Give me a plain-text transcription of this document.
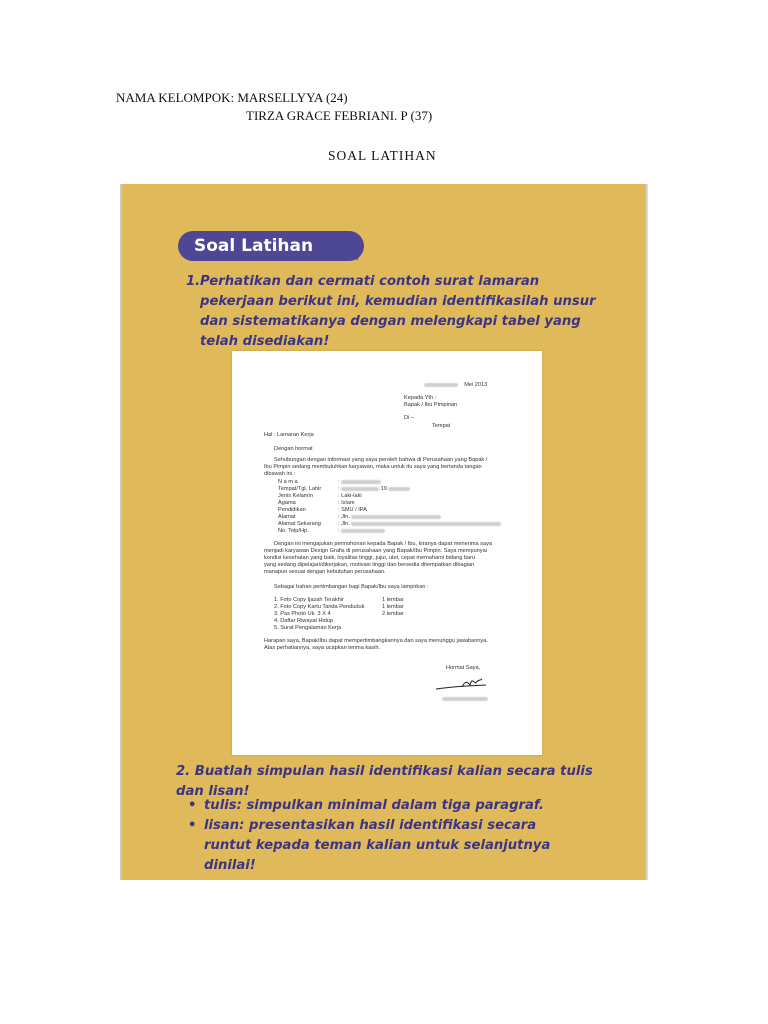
NAMA KELOMPOK: MARSELLYYA (24)
TIRZA GRACE FEBRIANI. P (37)
SOAL LATIHAN
Soal Latihan
1. Perhatikan dan cermati contoh surat lamaran pekerjaan berikut ini, kemudian identifikasilah unsur dan sistematikanya dengan melengkapi tabel yang telah disediakan!
Mei 2013
Kepada Yth :
Bapak / Ibu Pimpinan
Di –
Tempat
Hal : Lamaran Kerja
Dengan hormat
Sehubungan dengan informasi yang saya peroleh bahwa di Perusahaan yang Bapak /
Ibu Pimpin sedang membutuhkan karyawan, maka untuk itu saya yang bertanda tangan
dibawah ini :
N a m a	:
Tempat/Tgl. Lahir	:	19
Jenis Kelamin	: Laki-laki
Agama	: Islam
Pendidikan	: SMU / IPA
Alamat	: Jln.
Alamat Sekarang	: Jln.
No. Telp/Hp.	:
Dengan ini mengajukan permohonan kepada Bapak / Ibu, kiranya dapat menerima saya
menjadi karyawan Design Grafis di perusahaan yang Bapak/Ibu Pimpin. Saya mempunyai
kondisi kesehatan yang baik, loyalitas tinggi, jujur, ulet, cepat memahami bidang baru
yang sedang dipelajari/dikerjakan, motivasi tinggi dan bersedia ditempatkan dibagian
manapun sesuai dengan kebutuhan perusahaan.
Sebagai bahan pertimbangan bagi Bapak/Ibu saya lampirkan :
1. Foto Copy Ijazah Terakhir	1 lembar
2. Foto Copy Kartu Tanda Penduduk	1 lembar
3. Pas Photo Uk. 3 X 4	2 lembar
4. Daftar Riwayat Hidup
5. Surat Pengalaman Kerja
Harapan saya, Bapak/Ibu dapat mempertimbangkannya dan saya menunggu jawabannya.
Atas perhatiannya, saya ucapkan terima kasih.
Hormat Saya,
2. Buatlah simpulan hasil identifikasi kalian secara tulis dan lisan!
• tulis: simpulkan minimal dalam tiga paragraf.
• lisan: presentasikan hasil identifikasi secara runtut kepada teman kalian untuk selanjutnya dinilai!
